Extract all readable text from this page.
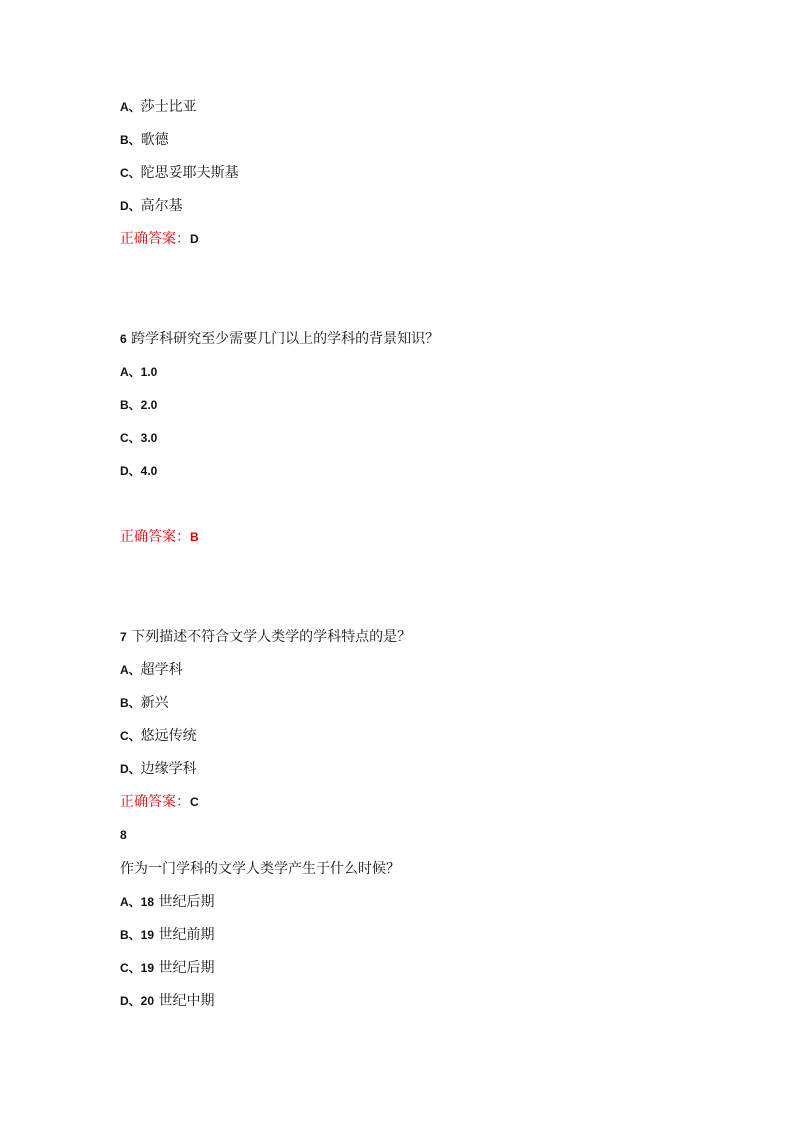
A、莎士比亚
B、歌德
C、陀思妥耶夫斯基
D、高尔基
正确答案：D
6 跨学科研究至少需要几门以上的学科的背景知识？
A、1.0
B、2.0
C、3.0
D、4.0
正确答案：B
7 下列描述不符合文学人类学的学科特点的是？
A、超学科
B、新兴
C、悠远传统
D、边缘学科
正确答案：C
8
作为一门学科的文学人类学产生于什么时候？
A、18 世纪后期
B、19 世纪前期
C、19 世纪后期
D、20 世纪中期
